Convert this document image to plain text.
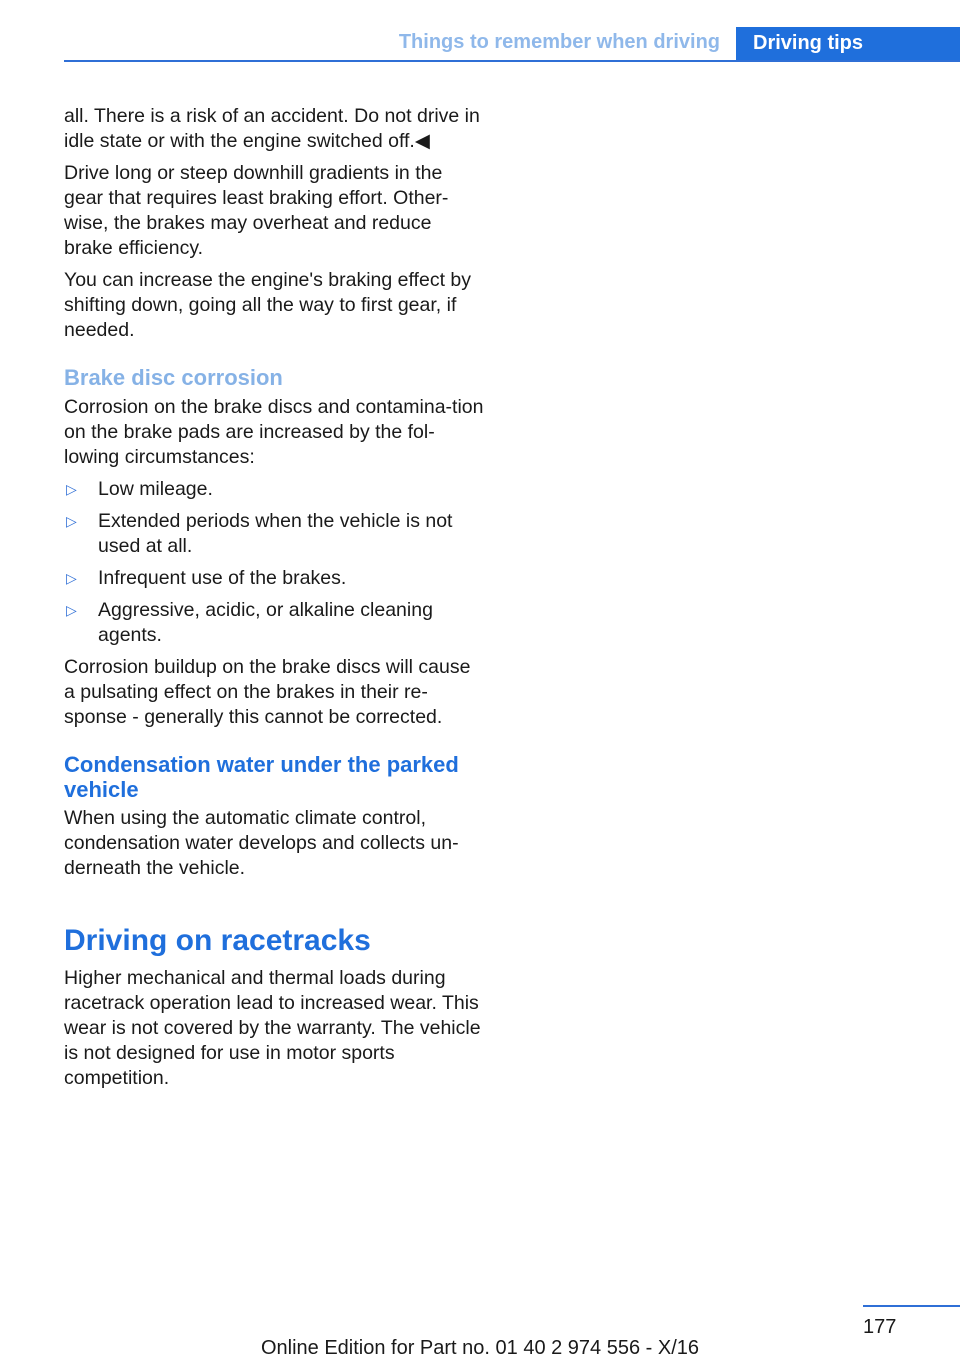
Things to remember when driving	Driving tips

all. There is a risk of an accident. Do not drive in idle state or with the engine switched off.◀

Drive long or steep downhill gradients in the gear that requires least braking effort. Other‐wise, the brakes may overheat and reduce brake efficiency.

You can increase the engine's braking effect by shifting down, going all the way to first gear, if needed.

Brake disc corrosion

Corrosion on the brake discs and contamina‐tion on the brake pads are increased by the fol‐lowing circumstances:

▷ Low mileage.
▷ Extended periods when the vehicle is not used at all.
▷ Infrequent use of the brakes.
▷ Aggressive, acidic, or alkaline cleaning agents.

Corrosion buildup on the brake discs will cause a pulsating effect on the brakes in their re‐sponse - generally this cannot be corrected.

Condensation water under the parked vehicle

When using the automatic climate control, condensation water develops and collects un‐derneath the vehicle.

Driving on racetracks

Higher mechanical and thermal loads during racetrack operation lead to increased wear. This wear is not covered by the warranty. The vehicle is not designed for use in motor sports competition.

177
Online Edition for Part no. 01 40 2 974 556 - X/16
